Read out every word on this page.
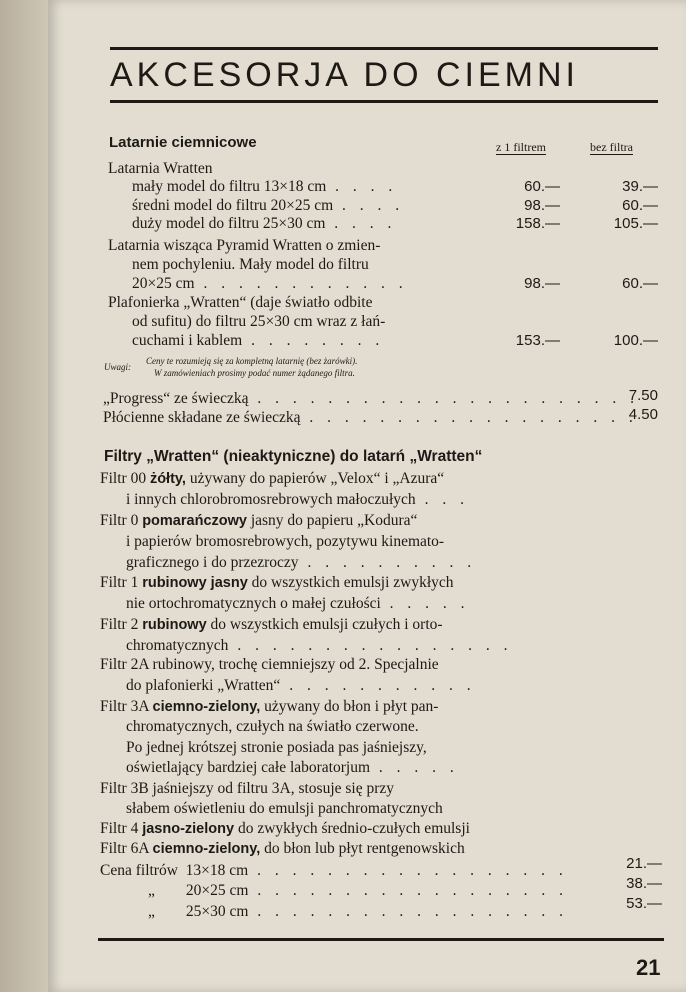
AKCESORJA DO CIEMNI
Latarnie ciemnicowe	z 1 filtrem	bez filtra
Latarnia Wratten
mały model do filtru 13×18 cm . . . .
średni model do filtru 20×25 cm . . . .
duży model do filtru 25×30 cm . . . .
Latarnia wisząca Pyramid Wratten o zmien-
nem pochyleniu. Mały model do filtru
20×25 cm . . . . . . . . . . . .
Plafonierka „Wratten“ (daje światło odbite
od sufitu) do filtru 25×30 cm wraz z łań-
cuchami i kablem . . . . . . . .
60.—
98.—
158.—
98.—
153.—
39.—
60.—
105.—
60.—
100.—
Uwagi:
Ceny te rozumieją się za kompletną latarnię (bez żarówki).
W zamówieniach prosimy podać numer żądanego filtra.
„Progress“ ze świeczką . . . . . . . . . . . . . . . . . . . . . .
Płócienne składane ze świeczką . . . . . . . . . . . . . . . . . . .
7.50
4.50
Filtry „Wratten“ (nieaktyniczne) do latarń „Wratten“
Filtr 00 żółty, używany do papierów „Velox“ i „Azura“
i innych chlorobromosrebrowych małoczułych . . .
Filtr 0 pomarańczowy jasny do papieru „Kodura“
i papierów bromosrebrowych, pozytywu kinemato-
graficznego i do przezroczy . . . . . . . . . .
Filtr 1 rubinowy jasny do wszystkich emulsji zwykłych
nie ortochromatycznych o małej czułości . . . . .
Filtr 2 rubinowy do wszystkich emulsji czułych i orto-
chromatycznych . . . . . . . . . . . . . . . .
Filtr 2A rubinowy, trochę ciemniejszy od 2. Specjalnie
do plafonierki „Wratten“ . . . . . . . . . . .
Filtr 3A ciemno-zielony, używany do błon i płyt pan-
chromatycznych, czułych na światło czerwone.
Po jednej krótszej stronie posiada pas jaśniejszy,
oświetlający bardziej całe laboratorjum . . . . .
Filtr 3B jaśniejszy od filtru 3A, stosuje się przy
słabem oświetleniu do emulsji panchromatycznych
Filtr 4 jasno-zielony do zwykłych średnio-czułych emulsji
Filtr 6A ciemno-zielony, do błon lub płyt rentgenowskich
Cena filtrów 13×18 cm . . . . . . . . . . . . . . . . . .
„ 20×25 cm . . . . . . . . . . . . . . . . . .
„ 25×30 cm . . . . . . . . . . . . . . . . . .
21.—
38.—
53.—
21
